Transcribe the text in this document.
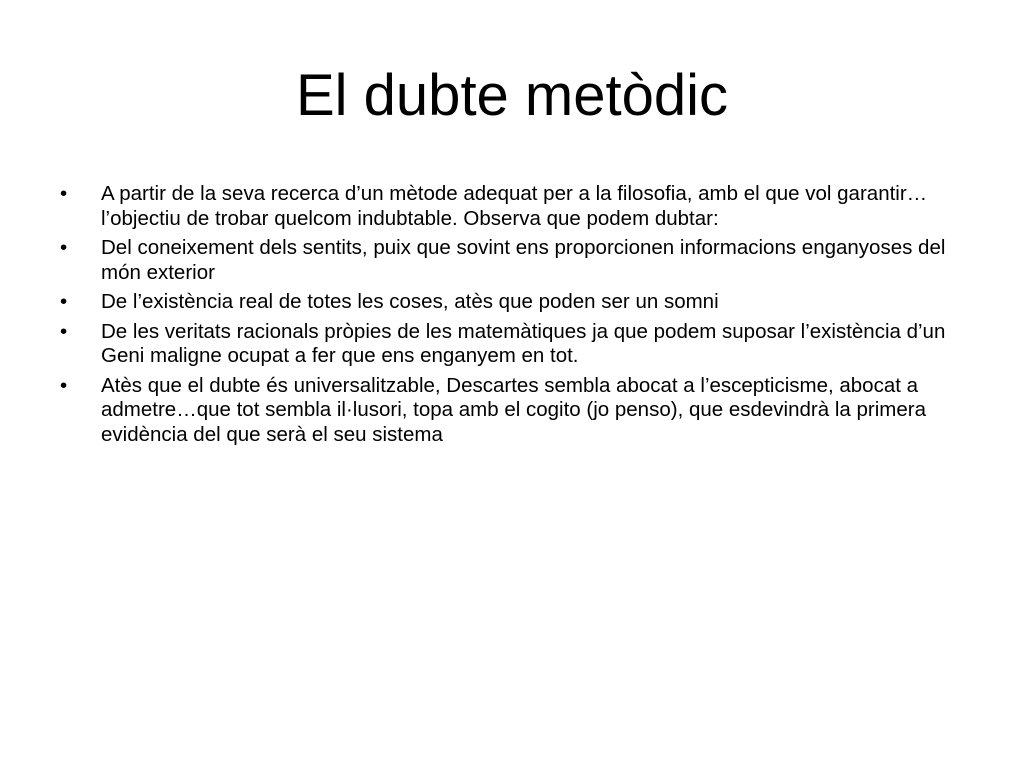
El dubte metòdic
•	A partir de la seva recerca d’un mètode adequat per a la filosofia, amb el que vol garantir…l’objectiu de trobar quelcom indubtable. Observa que podem dubtar:
•	Del coneixement dels sentits, puix que sovint ens proporcionen informacions enganyoses del món exterior
•	De l’existència real de totes les coses, atès que poden ser un somni
•	De les veritats racionals pròpies de les matemàtiques ja que podem suposar l’existència d’un Geni maligne ocupat a fer que ens enganyem en tot.
•	Atès que el dubte és universalitzable, Descartes sembla abocat a l’escepticisme, abocat a admetre…que tot sembla il·lusori, topa amb el cogito (jo penso), que esdevindrà la primera evidència del que serà el seu sistema
